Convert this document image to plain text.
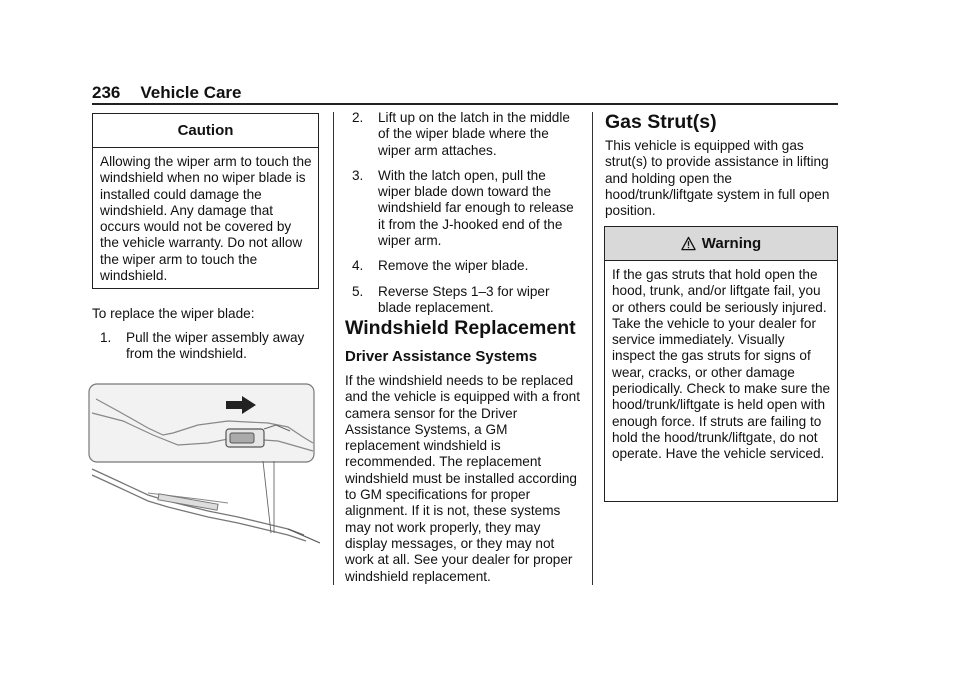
236 Vehicle Care
Caution
Allowing the wiper arm to touch the windshield when no wiper blade is installed could damage the windshield. Any damage that occurs would not be covered by the vehicle warranty. Do not allow the wiper arm to touch the windshield.

To replace the wiper blade:

1. Pull the wiper assembly away from the windshield.
2. Lift up on the latch in the middle of the wiper blade where the wiper arm attaches.
3. With the latch open, pull the wiper blade down toward the windshield far enough to release it from the J-hooked end of the wiper arm.
4. Remove the wiper blade.
5. Reverse Steps 1–3 for wiper blade replacement.
Windshield Replacement
Driver Assistance Systems

If the windshield needs to be replaced and the vehicle is equipped with a front camera sensor for the Driver Assistance Systems, a GM replacement windshield is recommended. The replacement windshield must be installed according to GM specifications for proper alignment. If it is not, these systems may not work properly, they may display messages, or they may not work at all. See your dealer for proper windshield replacement.

Gas Strut(s)

This vehicle is equipped with gas strut(s) to provide assistance in lifting and holding open the hood/trunk/liftgate system in full open position.

Warning
If the gas struts that hold open the hood, trunk, and/or liftgate fail, you or others could be seriously injured. Take the vehicle to your dealer for service immediately. Visually inspect the gas struts for signs of wear, cracks, or other damage periodically. Check to make sure the hood/trunk/liftgate is held open with enough force. If struts are failing to hold the hood/trunk/liftgate, do not operate. Have the vehicle serviced.
